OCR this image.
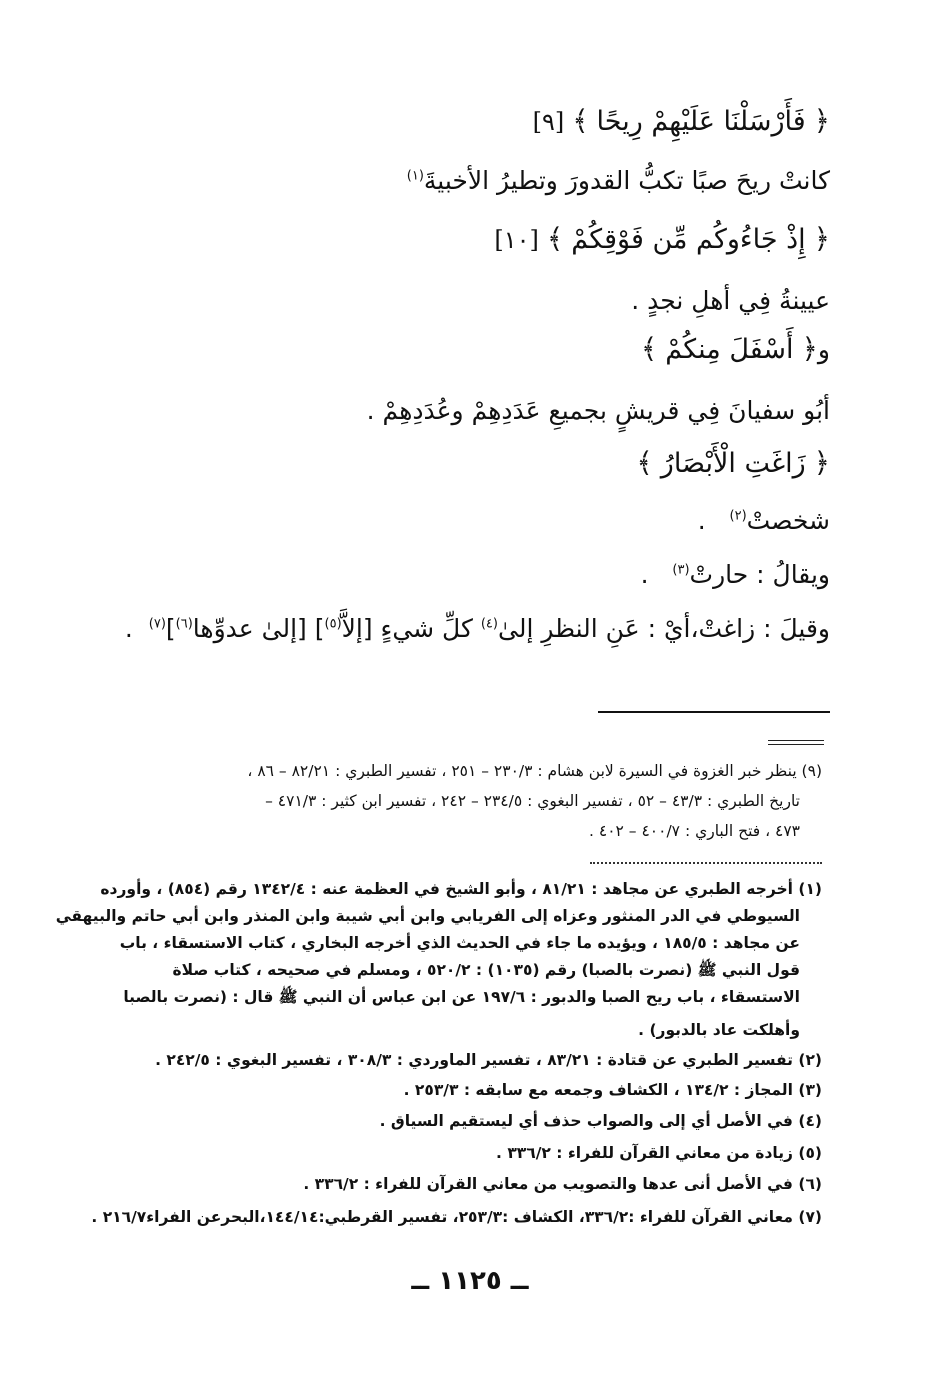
﴿ فَأَرْسَلْنَا عَلَيْهِمْ رِيحًا ﴾ [٩]
كانتْ ريحَ صبًا تكبُّ القدورَ وتطيرُ الأخبيةَ$^{(١)}$
﴿ إِذْ جَاءُوكُم مِّن فَوْقِكُمْ ﴾ [١٠]
عيينةُ فِي أهلِ نجدٍ .
و﴿ أَسْفَلَ مِنكُمْ ﴾
أبُو سفيانَ فِي قريشٍ بجميعِ عَدَدِهِمْ وعُدَدِهِمْ .
﴿ زَاغَتِ الْأَبْصَارُ ﴾
شخصتْ$^{(٢)}$   .
ويقالُ : حارتْ$^{(٣)}$   .
وقيلَ : زاغتْ،أيْ : عَنِ النظرِ إلىٰ$^{(٤)}$ كلِّ شيءٍ [إلاَّ$^{(٥)}$] [إلىٰ عدوِّها$^{(٦)}$]$^{(٧)}$  .
(٩) ينظر خبر الغزوة في السيرة لابن هشام : ٢٣٠/٣ – ٢٥١ ، تفسير الطبري : ٨٢/٢١ – ٨٦ ،
تاريخ الطبري : ٤٣/٣ – ٥٢ ، تفسير البغوي : ٢٣٤/٥ – ٢٤٢ ، تفسير ابن كثير : ٤٧١/٣ –
٤٧٣ ، فتح الباري : ٤٠٠/٧ – ٤٠٢ .
(١) أخرجه الطبري عن مجاهد : ٨١/٢١ ، وأبو الشيخ في العظمة عنه : ١٣٤٢/٤ رقم (٨٥٤) ، وأورده
السيوطي في الدر المنثور وعزاه إلى الفريابي وابن أبي شيبة وابن المنذر وابن أبي حاتم والبيهقي
عن مجاهد : ١٨٥/٥ ، ويؤيده ما جاء في الحديث الذي أخرجه البخاري ، كتاب الاستسقاء ، باب
قول النبي ﷺ (نصرت بالصبا) رقم (١٠٣٥) : ٥٢٠/٢ ، ومسلم في صحيحه ، كتاب صلاة
الاستسقاء ، باب ريح الصبا والدبور : ١٩٧/٦ عن ابن عباس أن النبي ﷺ قال : (نصرت بالصبا
وأهلكت عاد بالدبور) .
(٢) تفسير الطبري عن قتادة : ٨٣/٢١ ، تفسير الماوردي : ٣٠٨/٣ ، تفسير البغوي : ٢٤٢/٥ .
(٣) المجاز : ١٣٤/٢ ، الكشاف وجمعه مع سابقه : ٢٥٣/٣ .
(٤) في الأصل أي إلى والصواب حذف أي ليستقيم السياق .
(٥) زيادة من معاني القرآن للفراء : ٣٣٦/٢ .
(٦) في الأصل أنى عدها والتصويب من معاني القرآن للفراء : ٣٣٦/٢ .
(٧) معاني القرآن للفراء :٣٣٦/٢، الكشاف :٢٥٣/٣، تفسير القرطبي:١٤٤/١٤،البحرعن الفراء٢١٦/٧ .
ــ ١١٢٥ ــ
